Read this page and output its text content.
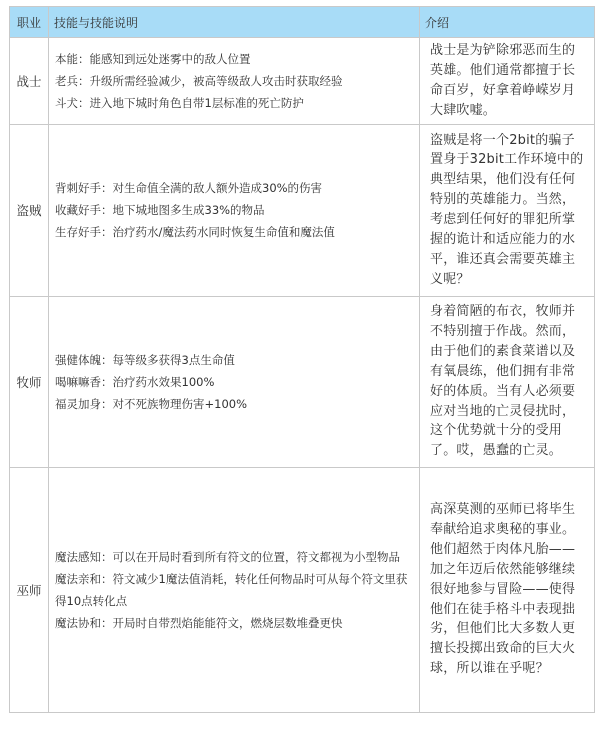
职业	技能与技能说明	介绍
战士	本能：能感知到远处迷雾中的敌人位置
老兵：升级所需经验减少，被高等级敌人攻击时获取经验
斗犬：进入地下城时角色自带1层标准的死亡防护	战士是为铲除邪恶而生的英雄。他们通常都擅于长命百岁，好拿着峥嵘岁月大肆吹嘘。
盗贼	背刺好手：对生命值全满的敌人额外造成30%的伤害
收藏好手：地下城地图多生成33%的物品
生存好手：治疗药水/魔法药水同时恢复生命值和魔法值	盗贼是将一个2bit的骗子置身于32bit工作环境中的典型结果，他们没有任何特别的英雄能力。当然，考虑到任何好的罪犯所掌握的诡计和适应能力的水平，谁还真会需要英雄主义呢？
牧师	强健体魄：每等级多获得3点生命值
喝嘛嘛香：治疗药水效果100%
福灵加身：对不死族物理伤害+100%	身着简陋的布衣，牧师并不特别擅于作战。然而，由于他们的素食菜谱以及有氧晨练，他们拥有非常好的体质。当有人必须要应对当地的亡灵侵扰时，这个优势就十分的受用了。哎，愚蠢的亡灵。
巫师	魔法感知：可以在开局时看到所有符文的位置，符文都视为小型物品
魔法亲和：符文减少1魔法值消耗，转化任何物品时可从每个符文里获得10点转化点
魔法协和：开局时自带烈焰能能符文，燃烧层数堆叠更快	高深莫测的巫师已将毕生奉献给追求奥秘的事业。他们超然于肉体凡胎——加之年迈后依然能够继续很好地参与冒险——使得他们在徒手格斗中表现拙劣，但他们比大多数人更擅长投掷出致命的巨大火球，所以谁在乎呢？
